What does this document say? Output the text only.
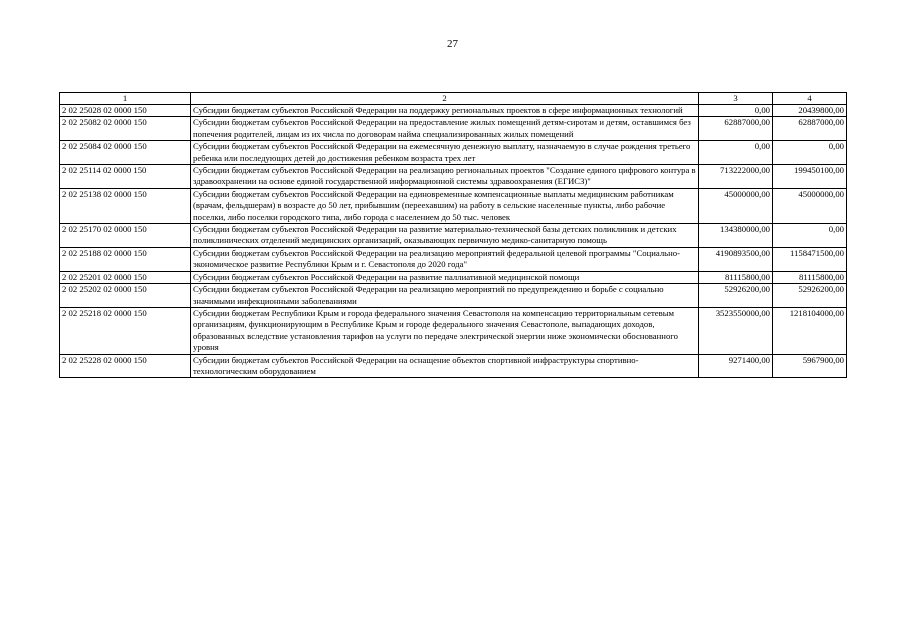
27
1	2	3	4
2 02 25028 02 0000 150	Субсидии бюджетам субъектов Российской Федерации на поддержку региональных проектов в сфере информационных технологий	0,00	20439800,00
2 02 25082 02 0000 150	Субсидии бюджетам субъектов Российской Федерации на предоставление жилых помещений детям-сиротам и детям, оставшимся без попечения родителей, лицам из их числа по договорам найма специализированных жилых помещений	62887000,00	62887000,00
2 02 25084 02 0000 150	Субсидии бюджетам субъектов Российской Федерации на ежемесячную денежную выплату, назначаемую в случае рождения третьего ребенка или последующих детей до достижения ребенком возраста трех лет	0,00	0,00
2 02 25114 02 0000 150	Субсидии бюджетам субъектов Российской Федерации на реализацию региональных проектов "Создание единого цифрового контура в здравоохранении на основе единой государственной информационной системы здравоохранения (ЕГИСЗ)"	713222000,00	199450100,00
2 02 25138 02 0000 150	Субсидии бюджетам субъектов Российской Федерации на единовременные компенсационные выплаты медицинским работникам (врачам, фельдшерам) в возрасте до 50 лет, прибывшим (переехавшим) на работу в сельские населенные пункты, либо рабочие поселки, либо поселки городского типа, либо города с населением до 50 тыс. человек	45000000,00	45000000,00
2 02 25170 02 0000 150	Субсидии бюджетам субъектов Российской Федерации на развитие материально-технической базы детских поликлиник и детских поликлинических отделений медицинских организаций, оказывающих первичную медико-санитарную помощь	134380000,00	0,00
2 02 25188 02 0000 150	Субсидии бюджетам субъектов Российской Федерации на реализацию мероприятий федеральной целевой программы "Социально-экономическое развитие Республики Крым и г. Севастополя до 2020 года"	4190893500,00	1158471500,00
2 02 25201 02 0000 150	Субсидии бюджетам субъектов Российской Федерации на развитие паллиативной медицинской помощи	81115800,00	81115800,00
2 02 25202 02 0000 150	Субсидии бюджетам субъектов Российской Федерации на реализацию мероприятий по предупреждению и борьбе с социально значимыми инфекционными заболеваниями	52926200,00	52926200,00
2 02 25218 02 0000 150	Субсидии бюджетам Республики Крым и города федерального значения Севастополя на компенсацию территориальным сетевым организациям, функционирующим в Республике Крым и городе федерального значения Севастополе, выпадающих доходов, образованных вследствие установления тарифов на услуги по передаче электрической энергии ниже экономически обоснованного уровня	3523550000,00	1218104000,00
2 02 25228 02 0000 150	Субсидии бюджетам субъектов Российской Федерации на оснащение объектов спортивной инфраструктуры спортивно-технологическим оборудованием	9271400,00	5967900,00
